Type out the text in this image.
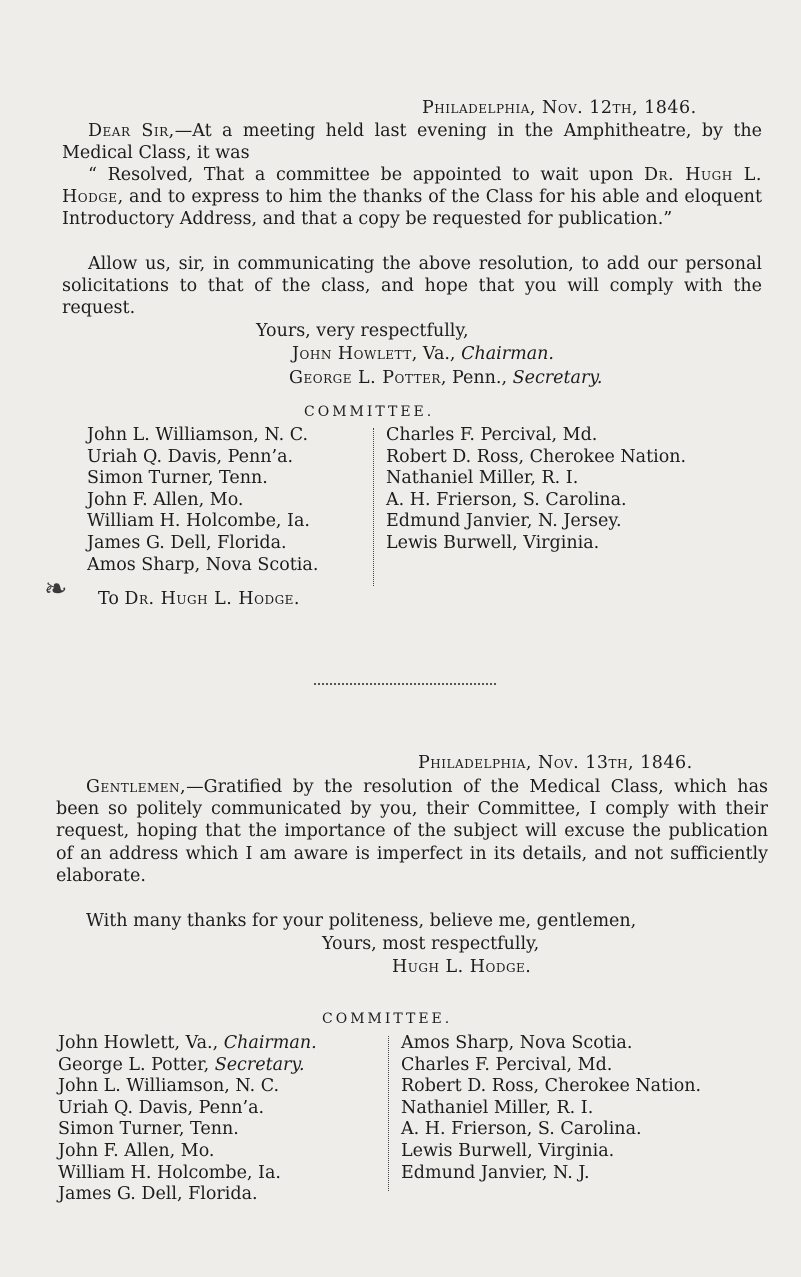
Philadelphia, Nov. 12th, 1846.
Dear Sir,—At a meeting held last evening in the Amphitheatre, by the Medical Class, it was
“ Resolved, That a committee be appointed to wait upon Dr. Hugh L. Hodge, and to express to him the thanks of the Class for his able and eloquent Introductory Address, and that a copy be requested for publication.”
Allow us, sir, in communicating the above resolution, to add our personal solicitations to that of the class, and hope that you will comply with the request.
Yours, very respectfully,
John Howlett, Va., Chairman.
George L. Potter, Penn., Secretary.
COMMITTEE.
John L. Williamson, N. C.
Uriah Q. Davis, Penn’a.
Simon Turner, Tenn.
John F. Allen, Mo.
William H. Holcombe, Ia.
James G. Dell, Florida.
Amos Sharp, Nova Scotia.
Charles F. Percival, Md.
Robert D. Ross, Cherokee Nation.
Nathaniel Miller, R. I.
A. H. Frierson, S. Carolina.
Edmund Janvier, N. Jersey.
Lewis Burwell, Virginia.
❧ To Dr. Hugh L. Hodge.
Philadelphia, Nov. 13th, 1846.
Gentlemen,—Gratified by the resolution of the Medical Class, which has been so politely communicated by you, their Committee, I comply with their request, hoping that the importance of the subject will excuse the publication of an address which I am aware is imperfect in its details, and not sufficiently elaborate.
With many thanks for your politeness, believe me, gentlemen,
Yours, most respectfully,
Hugh L. Hodge.
COMMITTEE.
John Howlett, Va., Chairman.
George L. Potter, Secretary.
John L. Williamson, N. C.
Uriah Q. Davis, Penn’a.
Simon Turner, Tenn.
John F. Allen, Mo.
William H. Holcombe, Ia.
James G. Dell, Florida.
Amos Sharp, Nova Scotia.
Charles F. Percival, Md.
Robert D. Ross, Cherokee Nation.
Nathaniel Miller, R. I.
A. H. Frierson, S. Carolina.
Lewis Burwell, Virginia.
Edmund Janvier, N. J.
